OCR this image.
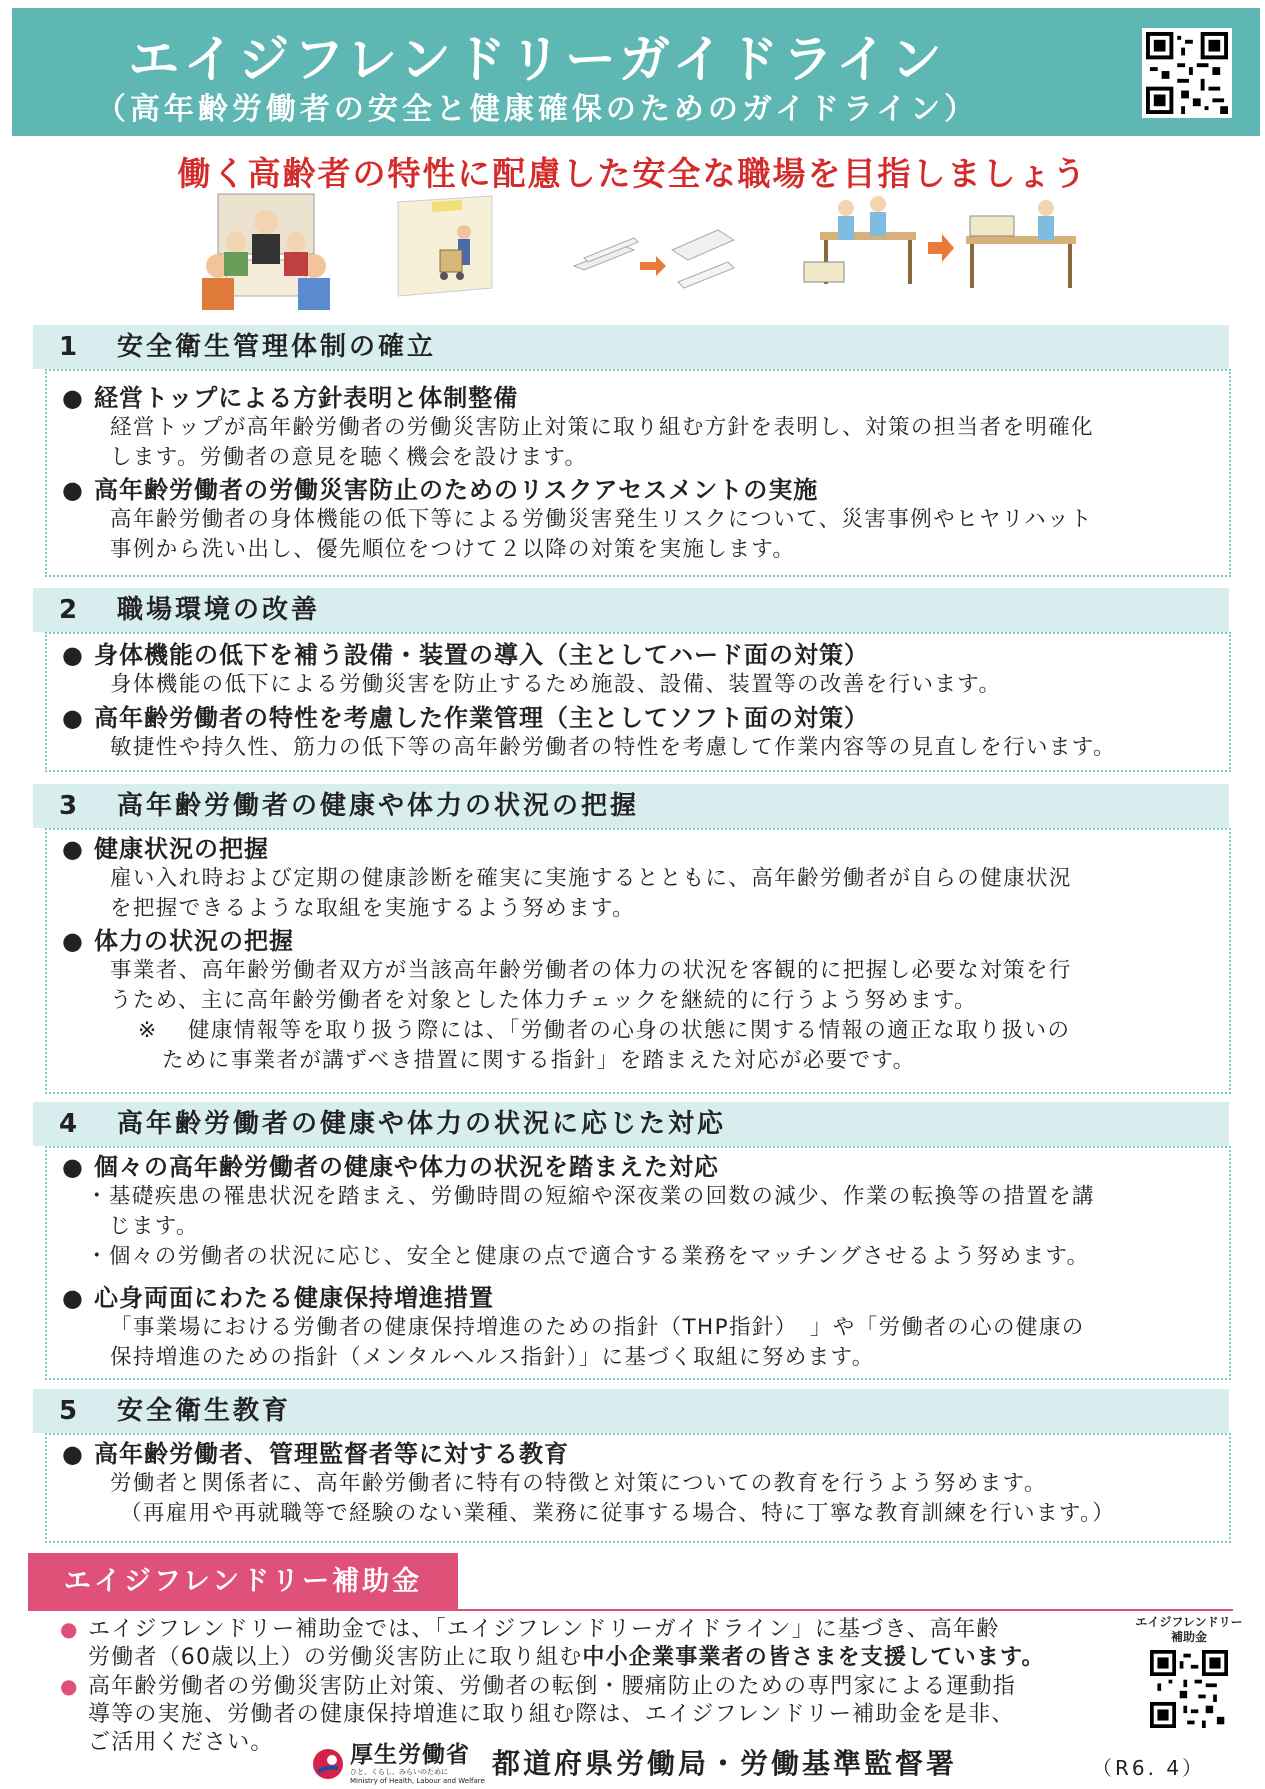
エイジフレンドリーガイドライン
（高年齢労働者の安全と健康確保のためのガイドライン）
働く高齢者の特性に配慮した安全な職場を目指しましょう
1 安全衛生管理体制の確立
● 経営トップによる方針表明と体制整備
経営トップが高年齢労働者の労働災害防止対策に取り組む方針を表明し、対策の担当者を明確化
します。労働者の意見を聴く機会を設けます。
● 高年齢労働者の労働災害防止のためのリスクアセスメントの実施
高年齢労働者の身体機能の低下等による労働災害発生リスクについて、災害事例やヒヤリハット
事例から洗い出し、優先順位をつけて２以降の対策を実施します。
2 職場環境の改善
● 身体機能の低下を補う設備・装置の導入（主としてハード面の対策）
身体機能の低下による労働災害を防止するため施設、設備、装置等の改善を行います。
● 高年齢労働者の特性を考慮した作業管理（主としてソフト面の対策）
敏捷性や持久性、筋力の低下等の高年齢労働者の特性を考慮して作業内容等の見直しを行います。
3 高年齢労働者の健康や体力の状況の把握
● 健康状況の把握
雇い入れ時および定期の健康診断を確実に実施するとともに、高年齢労働者が自らの健康状況
を把握できるような取組を実施するよう努めます。
● 体力の状況の把握
事業者、高年齢労働者双方が当該高年齢労働者の体力の状況を客観的に把握し必要な対策を行
うため、主に高年齢労働者を対象とした体力チェックを継続的に行うよう努めます。
※ 健康情報等を取り扱う際には、「労働者の心身の状態に関する情報の適正な取り扱いの
ために事業者が講ずべき措置に関する指針」を踏まえた対応が必要です。
4 高年齢労働者の健康や体力の状況に応じた対応
● 個々の高年齢労働者の健康や体力の状況を踏まえた対応
・基礎疾患の罹患状況を踏まえ、労働時間の短縮や深夜業の回数の減少、作業の転換等の措置を講
　じます。
・個々の労働者の状況に応じ、安全と健康の点で適合する業務をマッチングさせるよう努めます。
● 心身両面にわたる健康保持増進措置
「事業場における労働者の健康保持増進のための指針（THP指針）　」や「労働者の心の健康の
保持増進のための指針（メンタルヘルス指針）」に基づく取組に努めます。
5 安全衛生教育
● 高年齢労働者、管理監督者等に対する教育
労働者と関係者に、高年齢労働者に特有の特徴と対策についての教育を行うよう努めます。
（再雇用や再就職等で経験のない業種、業務に従事する場合、特に丁寧な教育訓練を行います。）
エイジフレンドリー補助金
● エイジフレンドリー補助金では、「エイジフレンドリーガイドライン」に基づき、高年齢
労働者（60歳以上）の労働災害防止に取り組む中小企業事業者の皆さまを支援しています。
● 高年齢労働者の労働災害防止対策、労働者の転倒・腰痛防止のための専門家による運動指
導等の実施、労働者の健康保持増進に取り組む際は、エイジフレンドリー補助金を是非、
ご活用ください。
エイジフレンドリー
補助金
厚生労働省
ひと、くらし、みらいのために
Ministry of Health, Labour and Welfare
都道府県労働局・労働基準監督署	（R6. 4）
